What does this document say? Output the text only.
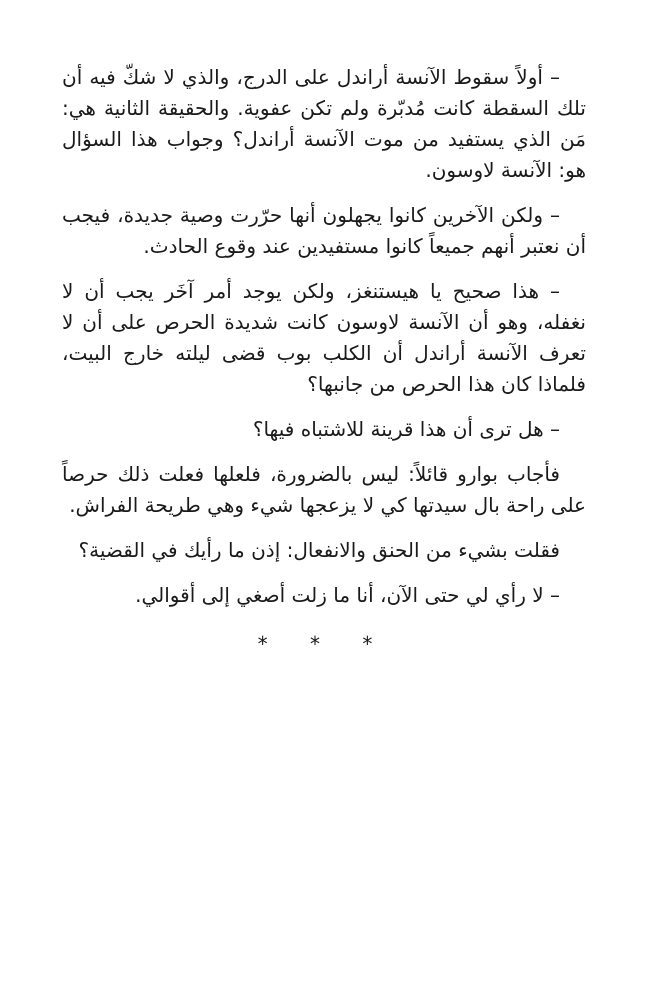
– أولاً سقوط الآنسة أراندل على الدرج، والذي لا شكّ فيه أن تلك السقطة كانت مُدبّرة ولم تكن عفوية. والحقيقة الثانية هي: مَن الذي يستفيد من موت الآنسة أراندل؟ وجواب هذا السؤال هو: الآنسة لاوسون.

– ولكن الآخرين كانوا يجهلون أنها حرّرت وصية جديدة، فيجب أن نعتبر أنهم جميعاً كانوا مستفيدين عند وقوع الحادث.

– هذا صحيح يا هيستنغز، ولكن يوجد أمر آخَر يجب أن لا نغفله، وهو أن الآنسة لاوسون كانت شديدة الحرص على أن لا تعرف الآنسة أراندل أن الكلب بوب قضى ليلته خارج البيت، فلماذا كان هذا الحرص من جانبها؟

– هل ترى أن هذا قرينة للاشتباه فيها؟

فأجاب بوارو قائلاً: ليس بالضرورة، فلعلها فعلت ذلك حرصاً على راحة بال سيدتها كي لا يزعجها شيء وهي طريحة الفراش.

فقلت بشيء من الحنق والانفعال: إذن ما رأيك في القضية؟

– لا رأي لي حتى الآن، أنا ما زلت أصغي إلى أقوالي.

* * *
